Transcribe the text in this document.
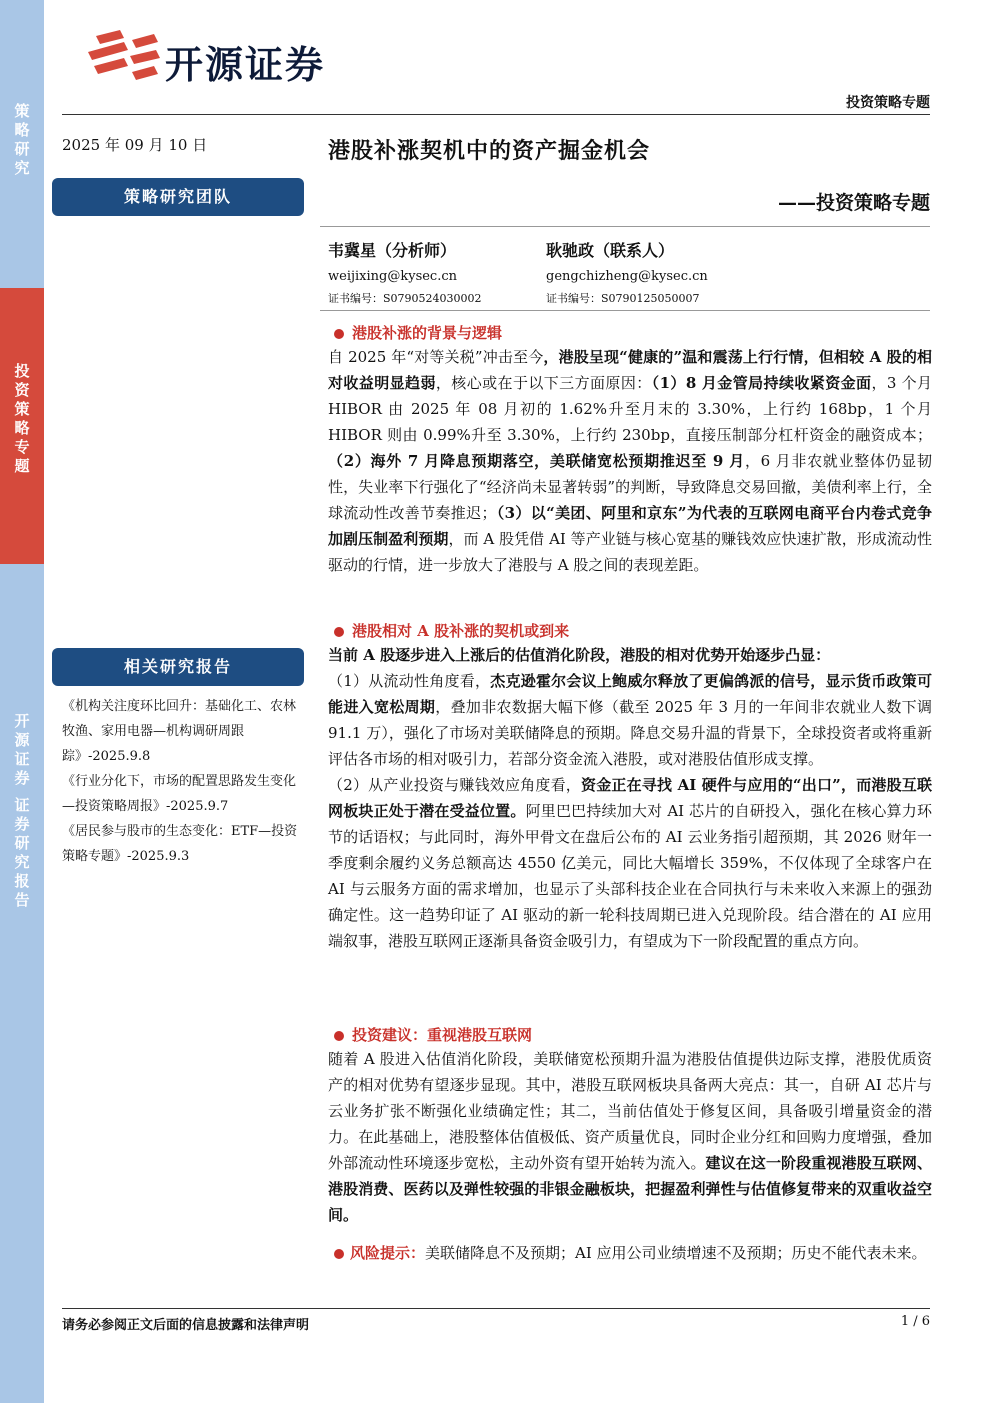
策
略
研
究
投
资
策
略
专
题
开
源
证
券

证
券
研
究
报
告
开源证券
投资策略专题
2025 年 09 月 10 日	港股补涨契机中的资产掘金机会
——投资策略专题
策略研究团队
韦冀星（分析师）
weijixing@kysec.cn
证书编号：S0790524030002
耿驰政（联系人）
gengchizheng@kysec.cn
证书编号：S0790125050007
港股补涨的背景与逻辑
自 2025 年“对等关税”冲击至今，港股呈现“健康的”温和震荡上行行情，但相较 A 股的相对收益明显趋弱，核心或在于以下三方面原因：（1）8 月金管局持续收紧资金面，3 个月 HIBOR 由 2025 年 08 月初的 1.62%升至月末的 3.30%，上行约 168bp，1 个月 HIBOR 则由 0.99%升至 3.30%，上行约 230bp，直接压制部分杠杆资金的融资成本；（2）海外 7 月降息预期落空，美联储宽松预期推迟至 9 月，6 月非农就业整体仍显韧性，失业率下行强化了“经济尚未显著转弱”的判断，导致降息交易回撤，美债利率上行，全球流动性改善节奏推迟；（3）以“美团、阿里和京东”为代表的互联网电商平台内卷式竞争加剧压制盈利预期，而 A 股凭借 AI 等产业链与核心宽基的赚钱效应快速扩散，形成流动性驱动的行情，进一步放大了港股与 A 股之间的表现差距。
相关研究报告

《机构关注度环比回升：基础化工、农林牧渔、家用电器—机构调研周跟踪》-2025.9.8

《行业分化下，市场的配置思路发生变化—投资策略周报》-2025.9.7

《居民参与股市的生态变化：ETF—投资策略专题》-2025.9.3

港股相对 A 股补涨的契机或到来
当前 A 股逐步进入上涨后的估值消化阶段，港股的相对优势开始逐步凸显：
（1）从流动性角度看，杰克逊霍尔会议上鲍威尔释放了更偏鸽派的信号，显示货币政策可能进入宽松周期，叠加非农数据大幅下修（截至 2025 年 3 月的一年间非农就业人数下调 91.1 万），强化了市场对美联储降息的预期。降息交易升温的背景下，全球投资者或将重新评估各市场的相对吸引力，若部分资金流入港股，或对港股估值形成支撑。
（2）从产业投资与赚钱效应角度看，资金正在寻找 AI 硬件与应用的“出口”，而港股互联网板块正处于潜在受益位置。阿里巴巴持续加大对 AI 芯片的自研投入，强化在核心算力环节的话语权；与此同时，海外甲骨文在盘后公布的 AI 云业务指引超预期，其 2026 财年一季度剩余履约义务总额高达 4550 亿美元，同比大幅增长 359%，不仅体现了全球客户在 AI 与云服务方面的需求增加，也显示了头部科技企业在合同执行与未来收入来源上的强劲确定性。这一趋势印证了 AI 驱动的新一轮科技周期已进入兑现阶段。结合潜在的 AI 应用端叙事，港股互联网正逐渐具备资金吸引力，有望成为下一阶段配置的重点方向。
投资建议：重视港股互联网
随着 A 股进入估值消化阶段，美联储宽松预期升温为港股估值提供边际支撑，港股优质资产的相对优势有望逐步显现。其中，港股互联网板块具备两大亮点：其一，自研 AI 芯片与云业务扩张不断强化业绩确定性；其二，当前估值处于修复区间，具备吸引增量资金的潜力。在此基础上，港股整体估值极低、资产质量优良，同时企业分红和回购力度增强，叠加外部流动性环境逐步宽松，主动外资有望开始转为流入。建议在这一阶段重视港股互联网、港股消费、医药以及弹性较强的非银金融板块，把握盈利弹性与估值修复带来的双重收益空间。
风险提示：美联储降息不及预期；AI 应用公司业绩增速不及预期；历史不能代表未来。
请务必参阅正文后面的信息披露和法律声明	1 / 6
